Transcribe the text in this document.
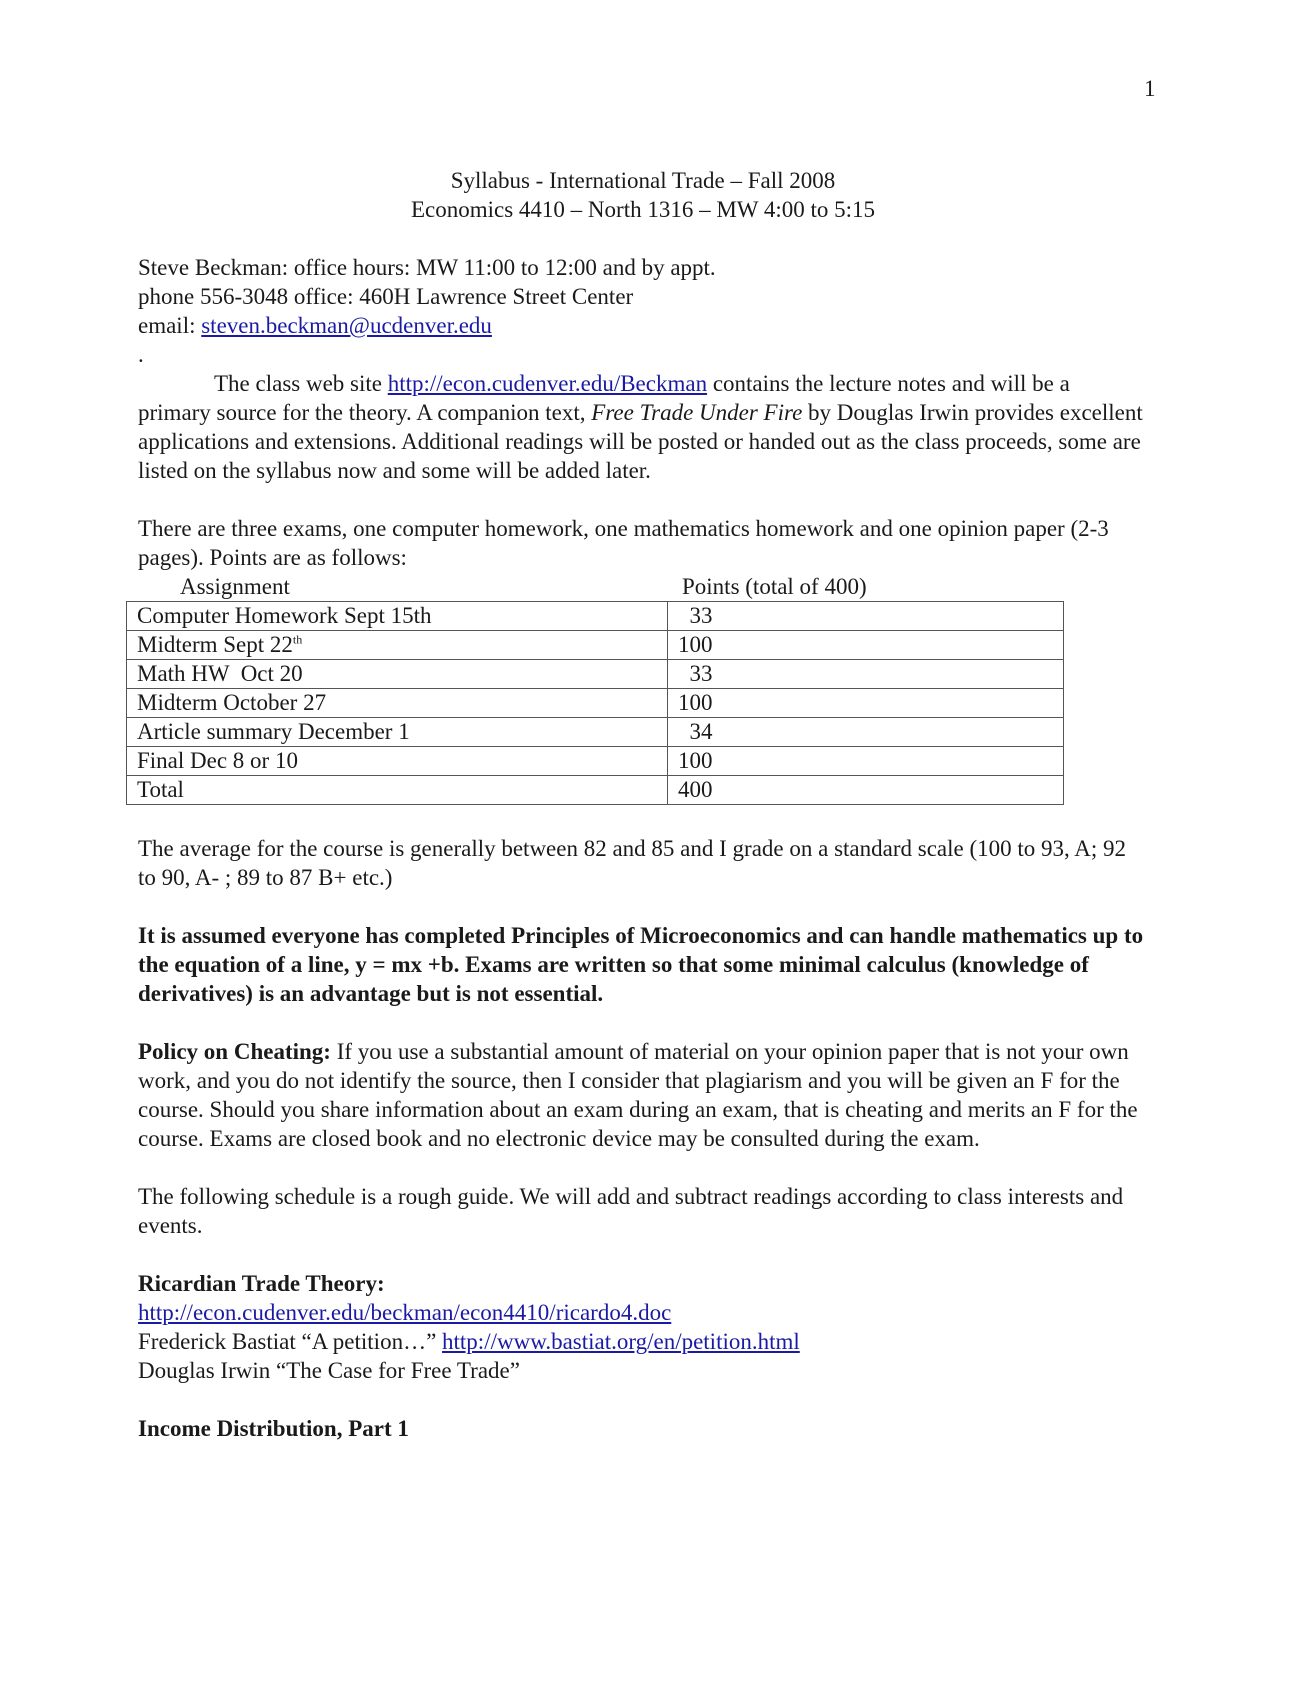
1
Syllabus - International Trade – Fall 2008
Economics 4410 – North 1316 – MW 4:00 to 5:15

Steve Beckman: office hours: MW 11:00 to 12:00 and by appt.

phone 556-3048 office: 460H Lawrence Street Center

email: steven.beckman@ucdenver.edu

.

The class web site http://econ.cudenver.edu/Beckman contains the lecture notes and will be a primary source for the theory. A companion text, Free Trade Under Fire by Douglas Irwin provides excellent applications and extensions. Additional readings will be posted or handed out as the class proceeds, some are listed on the syllabus now and some will be added later.

There are three exams, one computer homework, one mathematics homework and one opinion paper (2-3 pages). Points are as follows:

Assignment	Points (total of 400)
Computer Homework Sept 15th	33
Midterm Sept 22th	100
Math HW  Oct 20	33
Midterm October 27	100
Article summary December 1	34
Final Dec 8 or 10	100
Total	400

The average for the course is generally between 82 and 85 and I grade on a standard scale (100 to 93, A; 92 to 90, A- ; 89 to 87 B+ etc.)

It is assumed everyone has completed Principles of Microeconomics and can handle mathematics up to the equation of a line, y = mx +b. Exams are written so that some minimal calculus (knowledge of derivatives) is an advantage but is not essential.

Policy on Cheating: If you use a substantial amount of material on your opinion paper that is not your own work, and you do not identify the source, then I consider that plagiarism and you will be given an F for the course. Should you share information about an exam during an exam, that is cheating and merits an F for the course. Exams are closed book and no electronic device may be consulted during the exam.

The following schedule is a rough guide. We will add and subtract readings according to class interests and events.

Ricardian Trade Theory:

http://econ.cudenver.edu/beckman/econ4410/ricardo4.doc

Frederick Bastiat “A petition…” http://www.bastiat.org/en/petition.html

Douglas Irwin “The Case for Free Trade”

Income Distribution, Part 1
